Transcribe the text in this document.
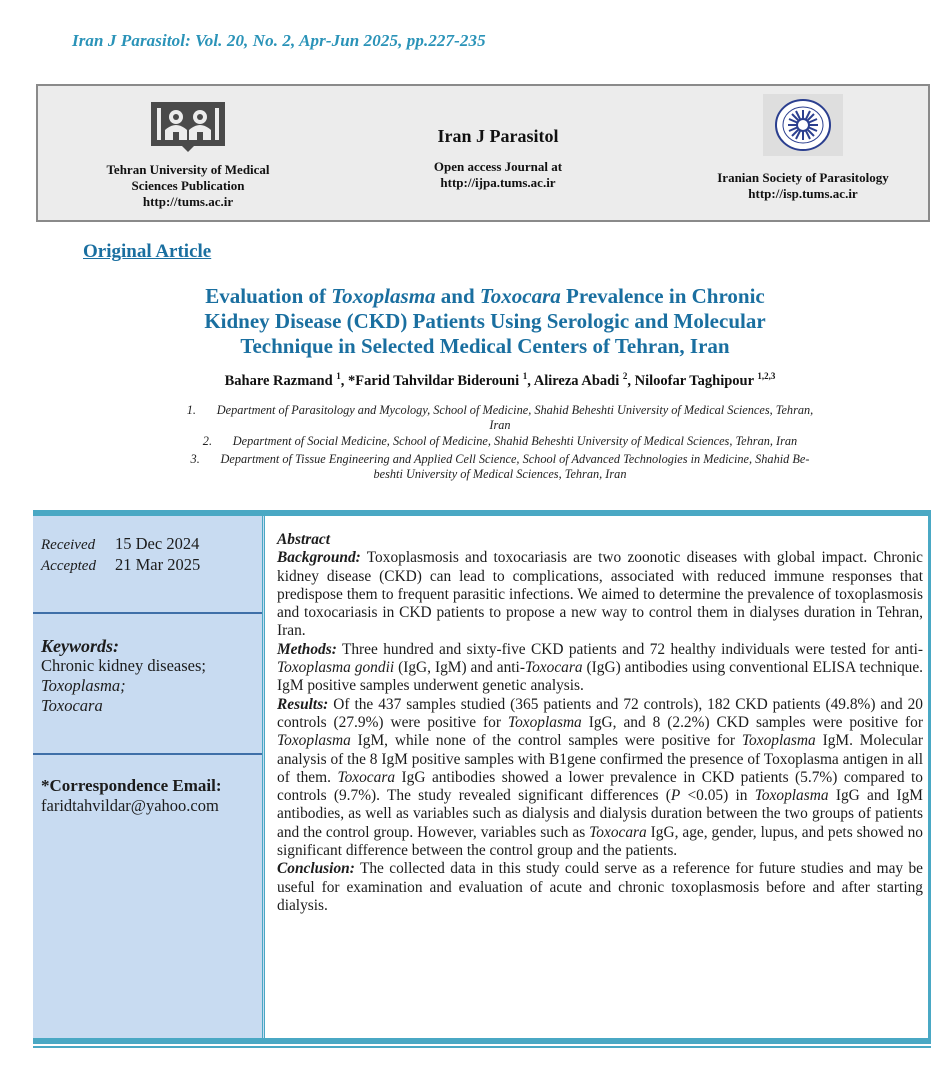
Iran J Parasitol: Vol. 20, No. 2, Apr-Jun 2025, pp.227-235
Tehran University of Medical
Sciences Publication
http://tums.ac.ir
Iran J Parasitol
Open access Journal at
http://ijpa.tums.ac.ir	Iranian Society of Parasitology
http://isp.tums.ac.ir
Original Article
Evaluation of Toxoplasma and Toxocara Prevalence in Chronic
Kidney Disease (CKD) Patients Using Serologic and Molecular
Technique in Selected Medical Centers of Tehran, Iran
Bahare Razmand $^1$, *Farid Tahvildar Biderouni $^1$, Alireza Abadi $^2$, Niloofar Taghipour $^{1,2,3}$
1. Department of Parasitology and Mycology, School of Medicine, Shahid Beheshti University of Medical Sciences, Tehran,
Iran
2. Department of Social Medicine, School of Medicine, Shahid Beheshti University of Medical Sciences, Tehran, Iran
3. Department of Tissue Engineering and Applied Cell Science, School of Advanced Technologies in Medicine, Shahid Be-
beshti University of Medical Sciences, Tehran, Iran
Received 15 Dec 2024
Accepted 21 Mar 2025
Keywords:
Chronic kidney diseases;
Toxoplasma;
Toxocara
*Correspondence Email:
faridtahvildar@yahoo.com

Abstract

Background: Toxoplasmosis and toxocariasis are two zoonotic diseases with global impact. Chronic kidney disease (CKD) can lead to complications, associated with reduced immune responses that predispose them to frequent parasitic infections. We aimed to determine the prevalence of toxoplasmosis and toxocariasis in CKD patients to propose a new way to control them in dialyses duration in Tehran, Iran.

Methods: Three hundred and sixty-five CKD patients and 72 healthy individuals were tested for anti-Toxoplasma gondii (IgG, IgM) and anti-Toxocara (IgG) antibodies using conventional ELISA technique. IgM positive samples underwent genetic analysis.

Results: Of the 437 samples studied (365 patients and 72 controls), 182 CKD patients (49.8%) and 20 controls (27.9%) were positive for Toxoplasma IgG, and 8 (2.2%) CKD samples were positive for Toxoplasma IgM, while none of the control samples were positive for Toxoplasma IgM. Molecular analysis of the 8 IgM positive samples with B1gene confirmed the presence of Toxoplasma antigen in all of them. Toxocara IgG antibodies showed a lower prevalence in CKD patients (5.7%) compared to controls (9.7%). The study revealed significant differences (P <0.05) in Toxoplasma IgG and IgM antibodies, as well as variables such as dialysis and dialysis duration between the two groups of patients and the control group. However, variables such as Toxocara IgG, age, gender, lupus, and pets showed no significant difference between the control group and the patients.

Conclusion: The collected data in this study could serve as a reference for future studies and may be useful for examination and evaluation of acute and chronic toxoplasmosis before and after starting dialysis.
